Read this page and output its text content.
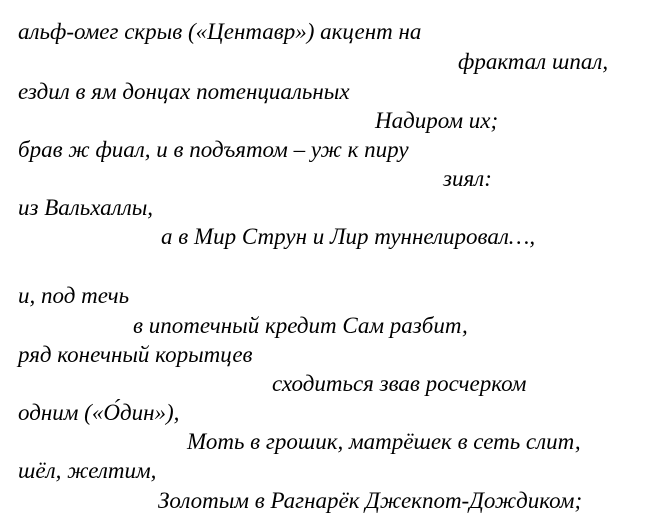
альф-омег скрыв («Центавр») акцент на
фрактал шпал,
ездил в ям донцах потенциальных
Надиром их;
брав ж фиал, и в подъятом – уж к пиру
зиял:
из Вальхаллы,
а в Мир Струн и Лир туннелировал…,
и, под течь
в ипотечный кредит Сам разбит,
ряд конечный корытцев
сходиться звав росчерком
одним («О́дин»),
Моть в грошик, матрёшек в сеть слит,
шёл, желтим,
Золотым в Рагнарёк Джекпот-Дождиком;
